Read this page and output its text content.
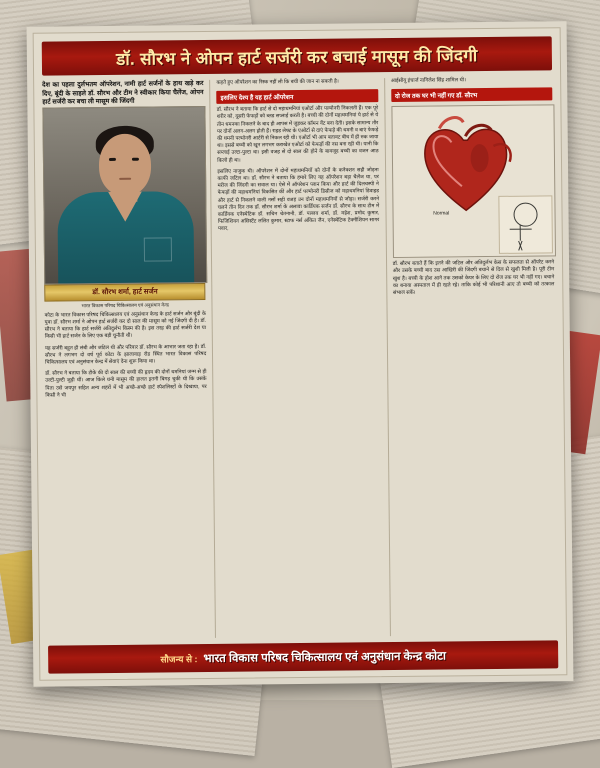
डॉ. सौरभ ने ओपन हार्ट सर्जरी कर बचाई मासूम की जिंदगी
देश का पहला दुर्लभतम ऑपरेशन, नामी हार्ट सर्जनों के हाथ खड़े कर दिए, बूंदी के साइले डॉ. सौरभ और टीम ने स्वीकार किया चैलेंज, ओपन हार्ट सर्जरी कर बचा ली मासूम की जिंदगी
डॉ. सौरभ शर्मा, हार्ट सर्जन
भारत विकास परिषद चिकित्सालय एवं अनुसंधान केन्द्र
कोटा के भारत विकास परिषद चिकित्सालय एवं अनुसंधान केन्द्र के हार्ट सर्जन और बूंदी के युवा डॉ. सौरभ शर्मा ने ओपन हार्ट सर्जरी कर दो साल की मासूम को नई जिंदगी दी है। डॉ. सौरभ ने बताया कि हार्ट सर्जरी अतिदुर्लभ किस्म की है। इस तरह की हार्ट सर्जरी देश या किसी भी हार्ट सर्जन के लिए एक बड़ी चुनौती थी।
यह सर्जरी बहुत ही लंबी और जटिल थी और परिवार डॉ. सौरभ के आभार जता रहा है। डॉ. सौरभ ने लगभग दो वर्ष पूर्व कोटा के झालावाड़ रोड स्थित भारत विकास परिषद चिकित्सालय एवं अनुसंधान केन्द्र में सेवाएं देना शुरू किया था।
डॉ. सौरभ ने बताया कि टीके की दो साल की बच्ची की हृदय की दोनों धमनियां जन्म से ही उल्टी-पुल्टी जुड़ी थीं। आज किले धनी मासूम की हालत इतनी बिगड़ चुकी थी कि उसके पिता उसे जयपुर सहित अन्य शहरों में भी अच्छे-अच्छे हार्ट स्पेशलिस्टों के दिखाया, पर किसी ने भी
कहते हुए ऑपरेशन का रिस्क नहीं ली कि बची की जान ना सकती है।
इसलिए देश्य है यह हार्ट ऑपरेशन
डॉ. सौरभ ने बताया कि हार्ट से दो महाधमनियां एओर्टा और पल्मोनरी निकलती हैं। एक पूरे शरीर को, दूसरी फेफड़ों को ब्लड सप्लाई करती है। बच्ची की दोनों महाधमनियां ये हार्ट से ये तीन धमनका निकलने के बाद ही आपस में जुड़कर कॉमन वेंट बना देती। इसके सामान्य तौर पर दोनों अलग-अलग होती हैं। राइड लेफ्ट के एओर्टा से दाएं फेफड़े की धमनी व बाएं फेफड़े की धमनी पल्मोनरी आर्टरी से निकल रही थी। एओर्टा भी आप बतावट बीच में ही रुक जाया था। इससे बच्ची को खून लगभग कराखेत एओर्टा को फेफड़ों की नस बना रही थी। यानी कि सप्लाई उल्टा-पुल्टा था। इसी वजह से दो साल की होने के बावजूद बच्ची का वजन आठ किलो ही था।
इसलिए नाजुक थी। ऑपरेशन में दोनों महाधमनियों को दोनों के कनेक्शन सही जोड़ना काफी जटिल था। डॉ. सौरभ ने बताया कि हमारे लिए यह ऑपरेशन बड़ा चैलेंज था, पर मरीज की जिंदगी का सवाल था। ऐसे में ऑपरेशन प्लान किया और हार्ट की दिलचस्पी ने फेफड़ों की महाधमनियां विकसित कीं और हार्ट पल्मोनरी डिसीज को महाधमनियां डिवाइड और हार्ट से निकलने वाली नसों सही वजह उन दोनों महाधमनियों से जोड़ा। सर्जरी करने चलने तीन दिन तक डॉ. सौरभ शर्मा के अलावा कार्डियक सर्जन डॉ. सौरभ के साथ टीम में कार्डियक एनेस्थेटिक डॉ. सचिन चेतनानी, डॉ. पल्लव शर्मा, डॉ. महेश, प्रमोद कुमार, फिजिशियन असिस्टेंट ललित कुमार, स्टाफ नर्स अंकित जैन, एनेस्थेटिक टेक्नीशियन सागर पवार,
आईसीयू इंचार्ज नागिलेश सिंह शामिल थी।
दो रोज तक घर भी नहीं गए डॉ. सौरभ
Normal
डॉ. सौरभ बताते हैं कि इतने की जटिल और अतिदुर्लभ केस के सफलता से ऑपरेट करने और उसके बच्ची बाद उस आखिरी की जिंदगी बचाने से दिल से खुशी मिली है। पूरी टीम खुश है। बच्ची के होश आने तक उसको केयर के लिए दो रोज तक घर भी नहीं गए। बचाने का बनाया अस्पताल में ही रहते रहे। ताकि कोई भी परिशानी आए तो बच्ची को तत्काल संभाल सकें।
सौजन्य से : भारत विकास परिषद चिकित्सालय एवं अनुसंधान केन्द्र कोटा
